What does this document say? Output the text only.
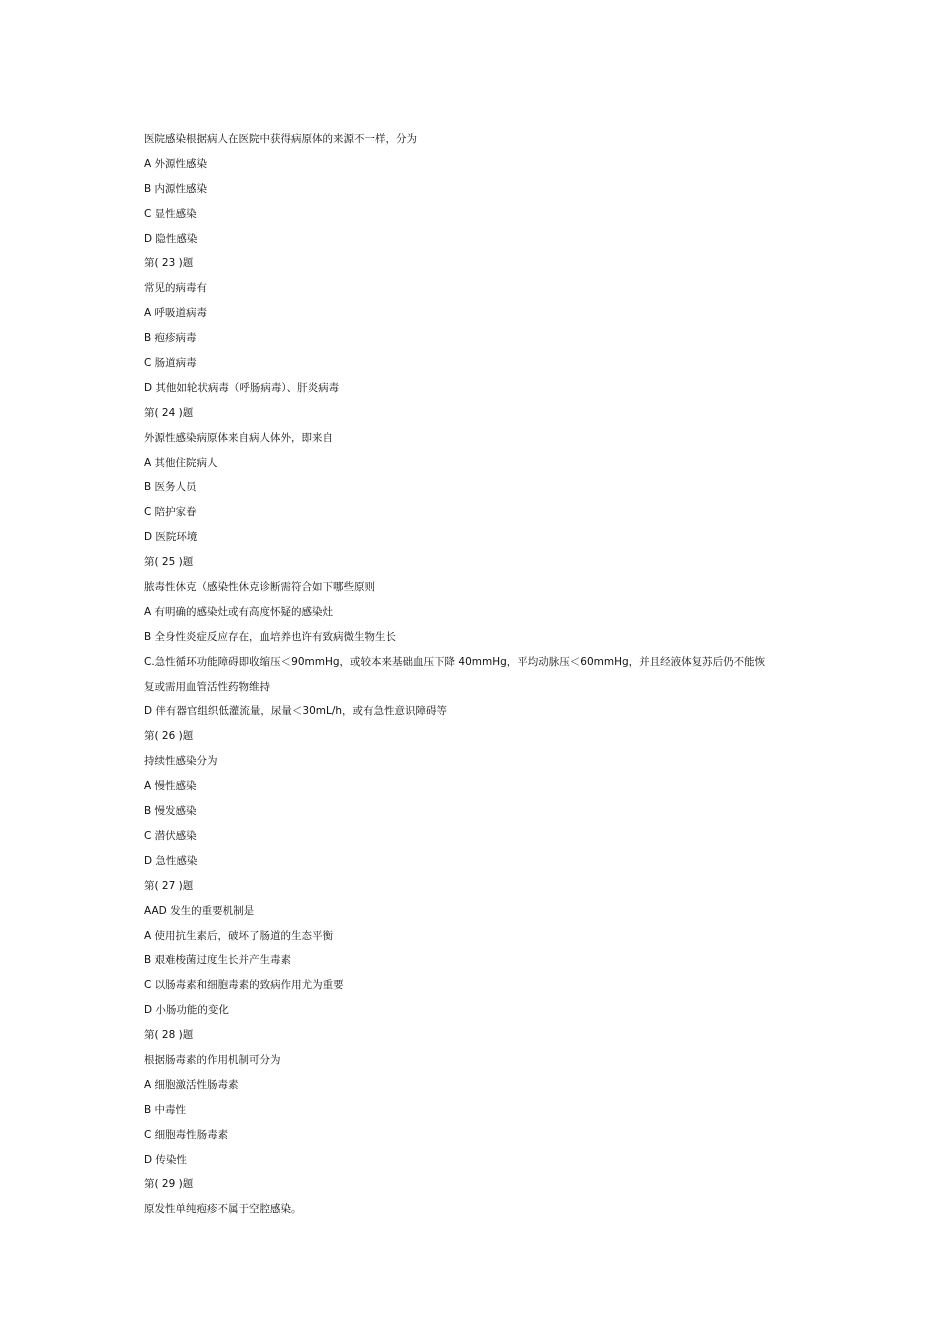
医院感染根据病人在医院中获得病原体的来源不一样，分为

A 外源性感染

B 内源性感染

C 显性感染

D 隐性感染

第( 23 )题

常见的病毒有

A 呼吸道病毒

B 疱疹病毒

C 肠道病毒

D 其他如轮状病毒（呼肠病毒）、肝炎病毒

第( 24 )题

外源性感染病原体来自病人体外，即来自

A 其他住院病人

B 医务人员

C 陪护家眷

D 医院环境

第( 25 )题

脓毒性休克（感染性休克诊断需符合如下哪些原则

A 有明确的感染灶或有高度怀疑的感染灶

B 全身性炎症反应存在，血培养也许有致病微生物生长

C.急性循环功能障碍即收缩压＜90mmHg，或较本来基础血压下降 40mmHg，平均动脉压＜60mmHg，并且经液体复苏后仍不能恢

复或需用血管活性药物维持

D 伴有器官组织低灌流量，尿量＜30mL/h，或有急性意识障碍等

第( 26 )题

持续性感染分为

A 慢性感染

B 慢发感染

C 潜伏感染

D 急性感染

第( 27 )题

AAD 发生的重要机制是

A 使用抗生素后，破坏了肠道的生态平衡

B 艰难梭菌过度生长并产生毒素

C 以肠毒素和细胞毒素的致病作用尤为重要

D 小肠功能的变化

第( 28 )题

根据肠毒素的作用机制可分为

A 细胞激活性肠毒素

B 中毒性

C 细胞毒性肠毒素

D 传染性

第( 29 )题

原发性单纯疱疹不属于空腔感染。
